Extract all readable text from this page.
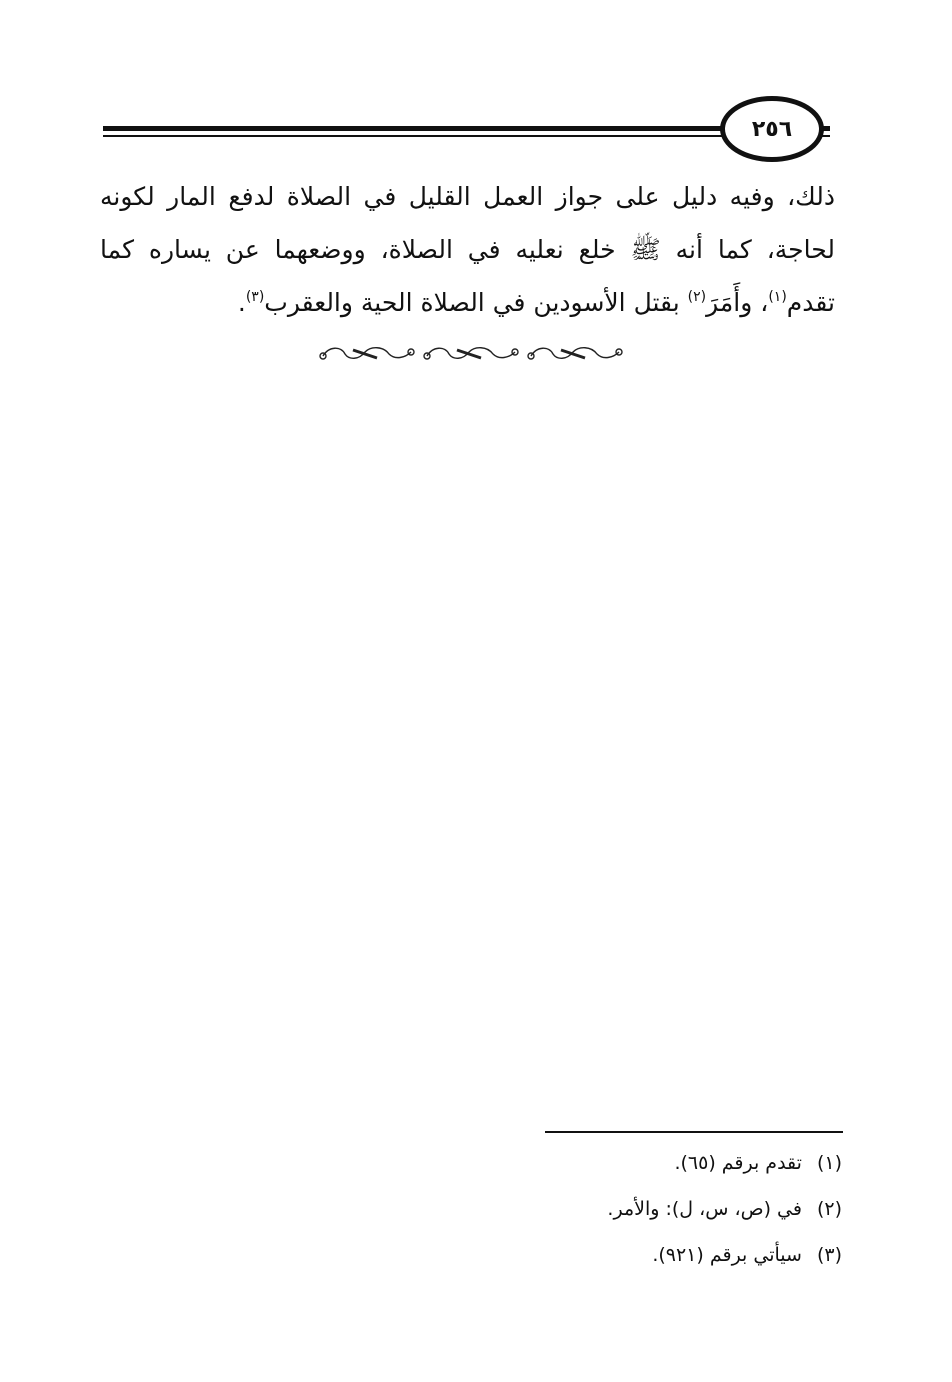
٢٥٦
ذلك، وفيه دليل على جواز العمل القليل في الصلاة لدفع المار لكونه لحاجة، كما أنه ﷺ خلع نعليه في الصلاة، ووضعهما عن يساره كما تقدم$^{(١)}$، وأَمَرَ$^{(٢)}$ بقتل الأسودين في الصلاة الحية والعقرب$^{(٣)}$.
(١) تقدم برقم (٦٥).
(٢) في (ص، س، ل): والأمر.
(٣) سيأتي برقم (٩٢١).
